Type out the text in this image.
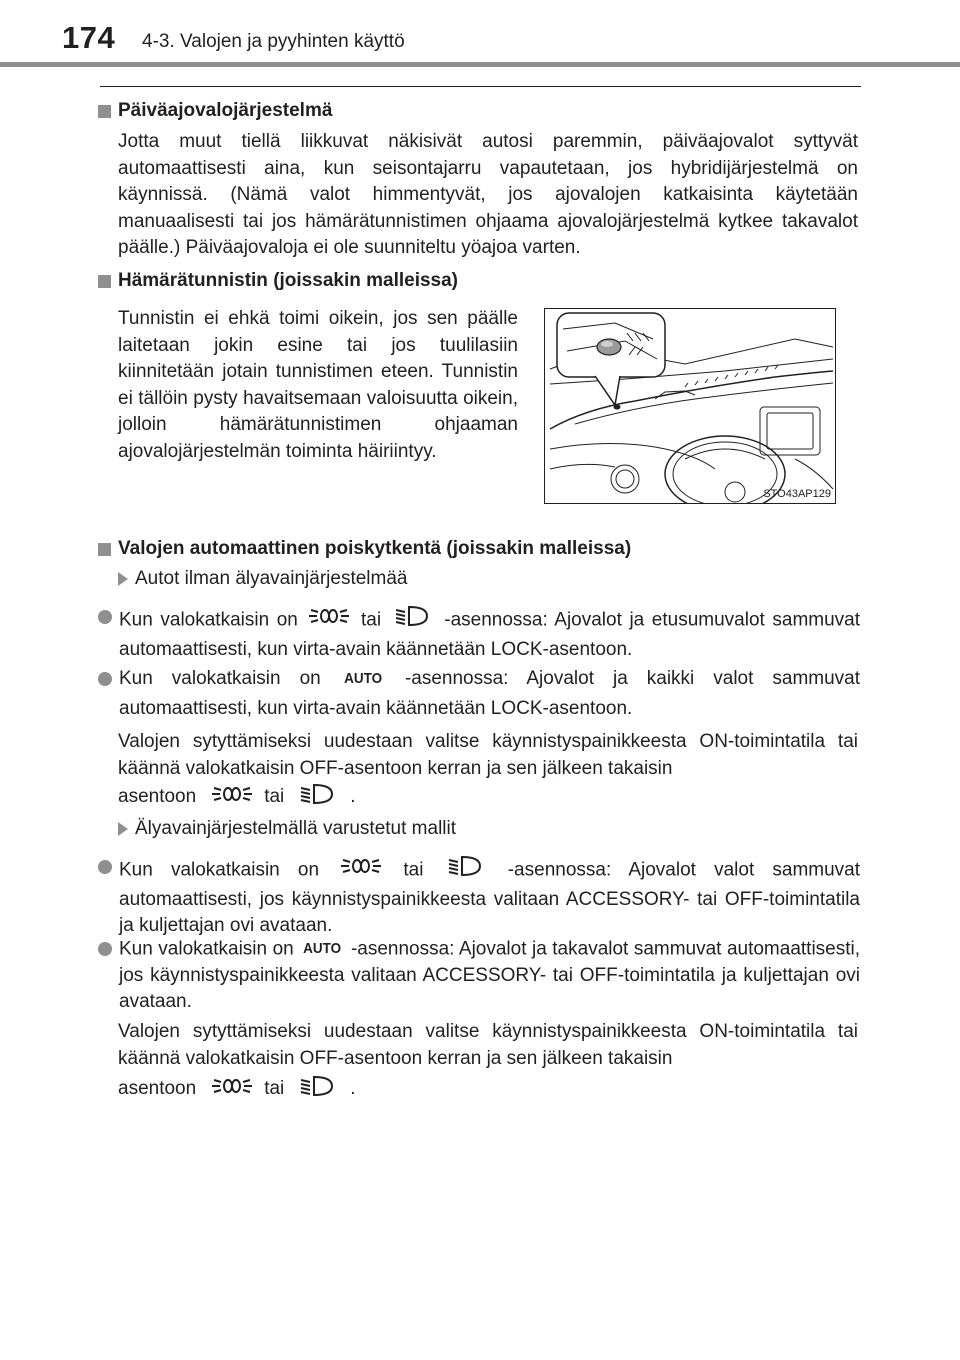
174 4-3. Valojen ja pyyhinten käyttö
Päiväajovalojärjestelmä

Jotta muut tiellä liikkuvat näkisivät autosi paremmin, päiväajovalot syttyvät automaattisesti aina, kun seisontajarru vapautetaan, jos hybridijärjestelmä on käynnissä. (Nämä valot himmentyvät, jos ajovalojen katkaisinta käytetään manuaalisesti tai jos hämärätunnistimen ohjaama ajovalojärjestelmä kytkee takavalot päälle.) Päiväajovaloja ei ole suunniteltu yöajoa varten.

Hämärätunnistin (joissakin malleissa)

Tunnistin ei ehkä toimi oikein, jos sen päälle laitetaan jokin esine tai jos tuulilasiin kiinnitetään jotain tunnistimen eteen. Tunnistin ei tällöin pysty havaitsemaan valoisuutta oikein, jolloin hämärätunnistimen ohjaaman ajovalojärjestelmän toiminta häiriintyy.

STO43AP129
Valojen automaattinen poiskytkentä (joissakin malleissa)
Autot ilman älyavainjärjestelmää
Kun valokatkaisin on	tai	-asennossa: Ajovalot ja etusumuvalot sammuvat automaattisesti, kun virta-avain käännetään LOCK-asentoon.
Kun valokatkaisin on AUTO -asennossa: Ajovalot ja kaikki valot sammuvat automaattisesti, kun virta-avain käännetään LOCK-asentoon.

Valojen sytyttämiseksi uudestaan valitse käynnistyspainikkeesta ON-toimintatila tai käännä valokatkaisin OFF-asentoon kerran ja sen jälkeen takaisin

asentoon	tai	.
Älyavainjärjestelmällä varustetut mallit
Kun valokatkaisin on	tai	-asennossa: Ajovalot valot sammuvat automaattisesti, jos käynnistyspainikkeesta valitaan ACCESSORY- tai OFF-toimintatila ja kuljettajan ovi avataan.
Kun valokatkaisin on AUTO -asennossa: Ajovalot ja takavalot sammuvat automaattisesti, jos käynnistyspainikkeesta valitaan ACCESSORY- tai OFF-toimintatila ja kuljettajan ovi avataan.

Valojen sytyttämiseksi uudestaan valitse käynnistyspainikkeesta ON-toimintatila tai käännä valokatkaisin OFF-asentoon kerran ja sen jälkeen takaisin

asentoon	tai	.
